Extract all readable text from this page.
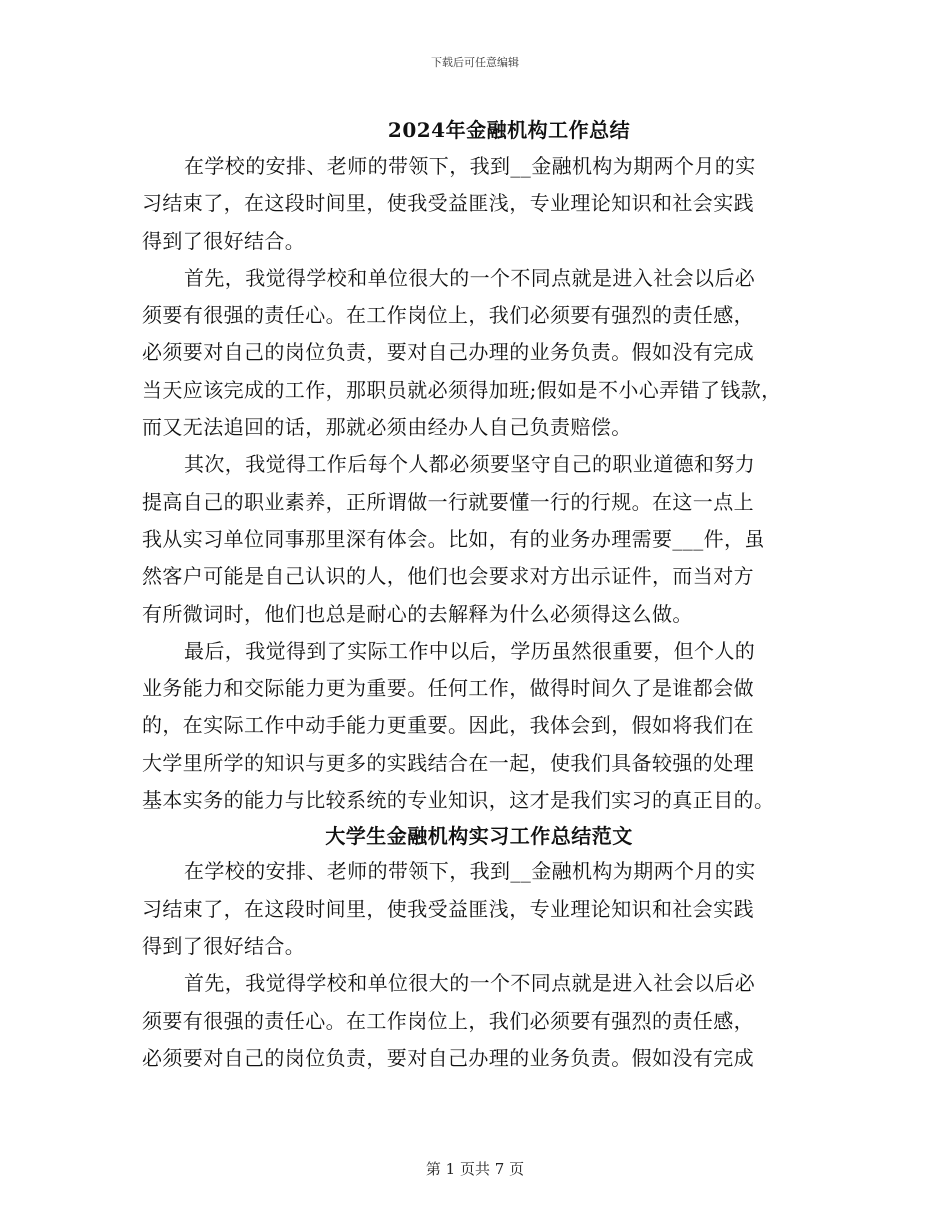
下载后可任意编辑
2024年金融机构工作总结
在学校的安排、老师的带领下，我到__金融机构为期两个月的实
习结束了，在这段时间里，使我受益匪浅，专业理论知识和社会实践
得到了很好结合。
首先，我觉得学校和单位很大的一个不同点就是进入社会以后必
须要有很强的责任心。在工作岗位上，我们必须要有强烈的责任感，
必须要对自己的岗位负责，要对自己办理的业务负责。假如没有完成
当天应该完成的工作，那职员就必须得加班;假如是不小心弄错了钱款，
而又无法追回的话，那就必须由经办人自己负责赔偿。
其次，我觉得工作后每个人都必须要坚守自己的职业道德和努力
提高自己的职业素养，正所谓做一行就要懂一行的行规。在这一点上
我从实习单位同事那里深有体会。比如，有的业务办理需要___件，虽
然客户可能是自己认识的人，他们也会要求对方出示证件，而当对方
有所微词时，他们也总是耐心的去解释为什么必须得这么做。
最后，我觉得到了实际工作中以后，学历虽然很重要，但个人的
业务能力和交际能力更为重要。任何工作，做得时间久了是谁都会做
的，在实际工作中动手能力更重要。因此，我体会到，假如将我们在
大学里所学的知识与更多的实践结合在一起，使我们具备较强的处理
基本实务的能力与比较系统的专业知识，这才是我们实习的真正目的。
大学生金融机构实习工作总结范文
在学校的安排、老师的带领下，我到__金融机构为期两个月的实
习结束了，在这段时间里，使我受益匪浅，专业理论知识和社会实践
得到了很好结合。
首先，我觉得学校和单位很大的一个不同点就是进入社会以后必
须要有很强的责任心。在工作岗位上，我们必须要有强烈的责任感，
必须要对自己的岗位负责，要对自己办理的业务负责。假如没有完成
第 1 页共 7 页
